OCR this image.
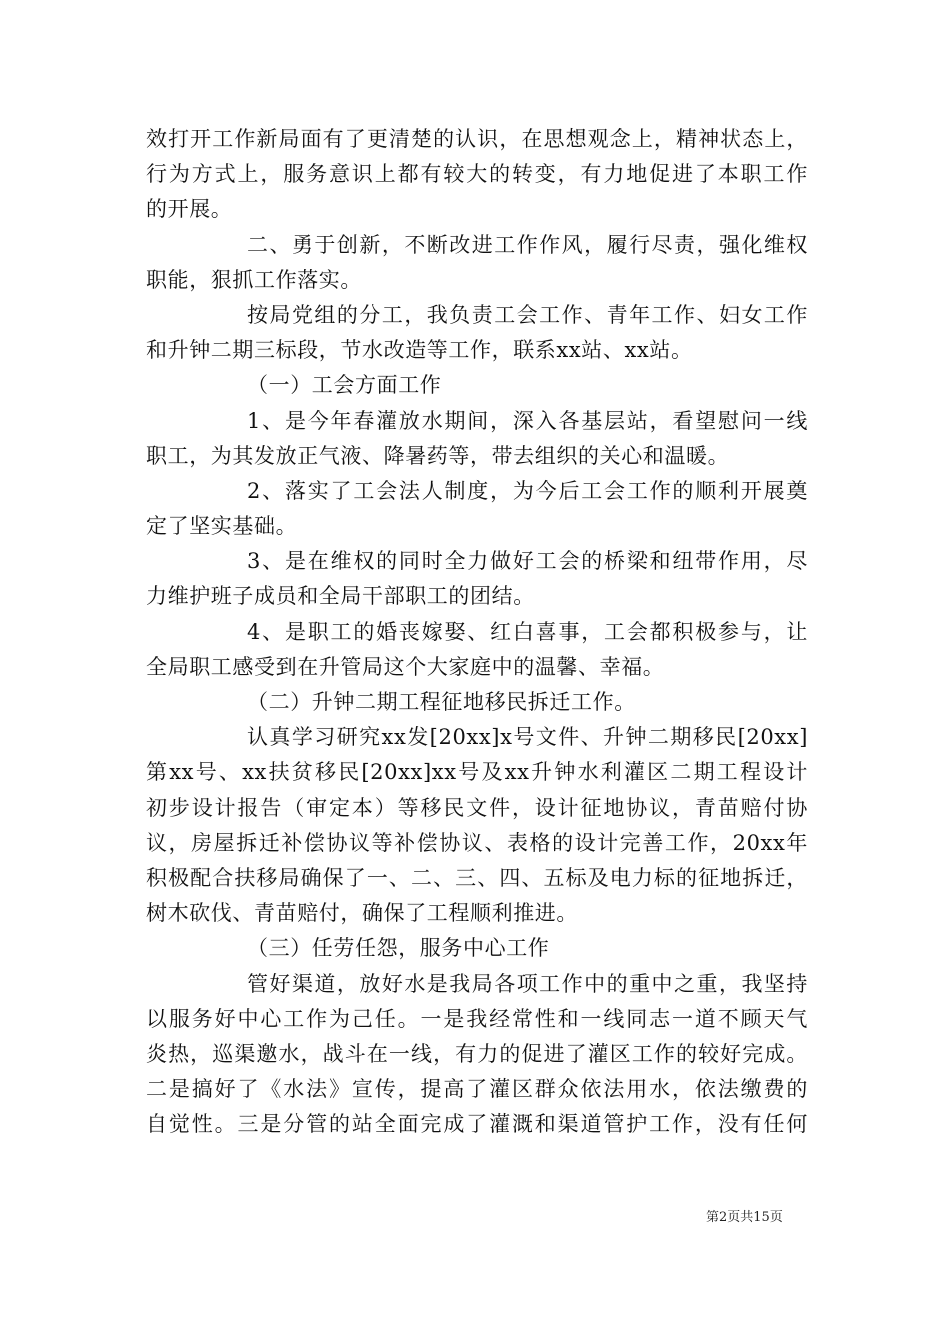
效打开工作新局面有了更清楚的认识，在思想观念上，精神状态上，
行为方式上，服务意识上都有较大的转变，有力地促进了本职工作
的开展。
二、勇于创新，不断改进工作作风，履行尽责，强化维权
职能，狠抓工作落实。
按局党组的分工，我负责工会工作、青年工作、妇女工作
和升钟二期三标段，节水改造等工作，联系xx站、xx站。
（一）工会方面工作
1、是今年春灌放水期间，深入各基层站，看望慰问一线
职工，为其发放正气液、降暑药等，带去组织的关心和温暖。
2、落实了工会法人制度，为今后工会工作的顺利开展奠
定了坚实基础。
3、是在维权的同时全力做好工会的桥梁和纽带作用，尽
力维护班子成员和全局干部职工的团结。
4、是职工的婚丧嫁娶、红白喜事，工会都积极参与，让
全局职工感受到在升管局这个大家庭中的温馨、幸福。
（二）升钟二期工程征地移民拆迁工作。
认真学习研究xx发[20xx]x号文件、升钟二期移民[20xx]
第xx号、xx扶贫移民[20xx]xx号及xx升钟水利灌区二期工程设计
初步设计报告（审定本）等移民文件，设计征地协议，青苗赔付协
议，房屋拆迁补偿协议等补偿协议、表格的设计完善工作，20xx年
积极配合扶移局确保了一、二、三、四、五标及电力标的征地拆迁，
树木砍伐、青苗赔付，确保了工程顺利推进。
（三）任劳任怨，服务中心工作
管好渠道，放好水是我局各项工作中的重中之重，我坚持
以服务好中心工作为己任。一是我经常性和一线同志一道不顾天气
炎热，巡渠邀水，战斗在一线，有力的促进了灌区工作的较好完成。
二是搞好了《水法》宣传，提高了灌区群众依法用水，依法缴费的
自觉性。三是分管的站全面完成了灌溉和渠道管护工作，没有任何
第2页共15页
